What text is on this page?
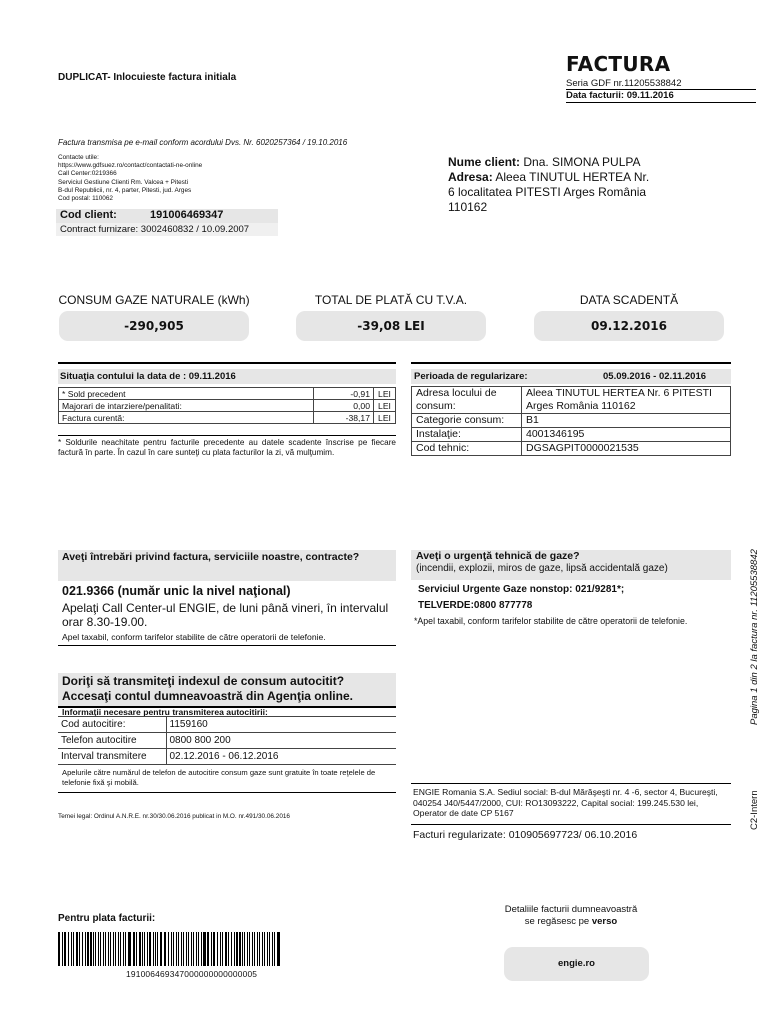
DUPLICAT- Inlocuieste factura initiala
FACTURA
Seria GDF nr.11205538842
Data facturii: 09.11.2016
Factura transmisa pe e-mail conform acordului Dvs. Nr. 6020257364 / 19.10.2016
Contacte utile:
https://www.gdfsuez.ro/contact/contactati-ne-online
Call Center:0219366
Serviciul Gestiune Clienti Rm. Valcea + Pitesti
B-dul Republicii, nr. 4, parter, Pitesti, jud. Arges
Cod postal: 110062
Cod client:	191006469347
Contract furnizare: 3002460832 / 10.09.2007
Nume client: Dna. SIMONA PULPA
Adresa: Aleea TINUTUL HERTEA Nr.
6 localitatea PITESTI Arges România
110162
CONSUM GAZE NATURALE (kWh)
-290,905
TOTAL DE PLATĂ CU T.V.A.
-39,08 LEI
DATA SCADENTĂ
09.12.2016
Situaţia contului la data de : 09.11.2016
* Sold precedent	-0,91	LEI
Majorari de intarziere/penalitati:	0,00	LEI
Factura curentă:	-38,17	LEI
* Soldurile neachitate pentru facturile precedente au datele scadente înscrise pe fiecare factură în parte. În cazul în care sunteţi cu plata facturilor la zi, vă mulţumim.
Perioada de regularizare:	05.09.2016 - 02.11.2016
Adresa locului de consum:	Aleea TINUTUL HERTEA Nr. 6 PITESTI Arges România 110162
Categorie consum:	B1
Instalaţie:	4001346195
Cod tehnic:	DGSAGPIT0000021535
Aveţi întrebări privind factura, serviciile noastre, contracte?
021.9366 (număr unic la nivel naţional)
Apelaţi Call Center-ul ENGIE, de luni până vineri, în intervalul orar 8.30-19.00.
Apel taxabil, conform tarifelor stabilite de către operatorii de telefonie.
Aveţi o urgenţă tehnică de gaze?
(incendii, explozii, miros de gaze, lipsă accidentală gaze)
Serviciul Urgente Gaze nonstop: 021/9281*;
TELVERDE:0800 877778
*Apel taxabil, conform tarifelor stabilite de către operatorii de telefonie.
Doriţi să transmiteţi indexul de consum autocitit? Accesaţi contul dumneavoastră din Agenţia online.
Informaţii necesare pentru transmiterea autocitirii:
Cod autocitire:	1159160
Telefon autocitire	0800 800 200
Interval transmitere	02.12.2016 - 06.12.2016
Apelurile către numărul de telefon de autocitire consum gaze sunt gratuite în toate reţelele de telefonie fixă şi mobilă.
Temei legal: Ordinul A.N.R.E. nr.30/30.06.2016 publicat in M.O. nr.491/30.06.2016
ENGIE Romania S.A. Sediul social: B-dul Mărăşeşti nr. 4 -6, sector 4, Bucureşti, 040254 J40/5447/2000, CUI: RO13093222, Capital social: 199.245.530 lei, Operator de date CP 5167
Facturi regularizate: 010905697723/ 06.10.2016
Pentru plata facturii:
191006469347000000000000005
Detaliile facturii dumneavoastră
se regăsesc pe verso
engie.ro
Pagina 1 din 2 la factura nr. 11205538842
C2-Intern
